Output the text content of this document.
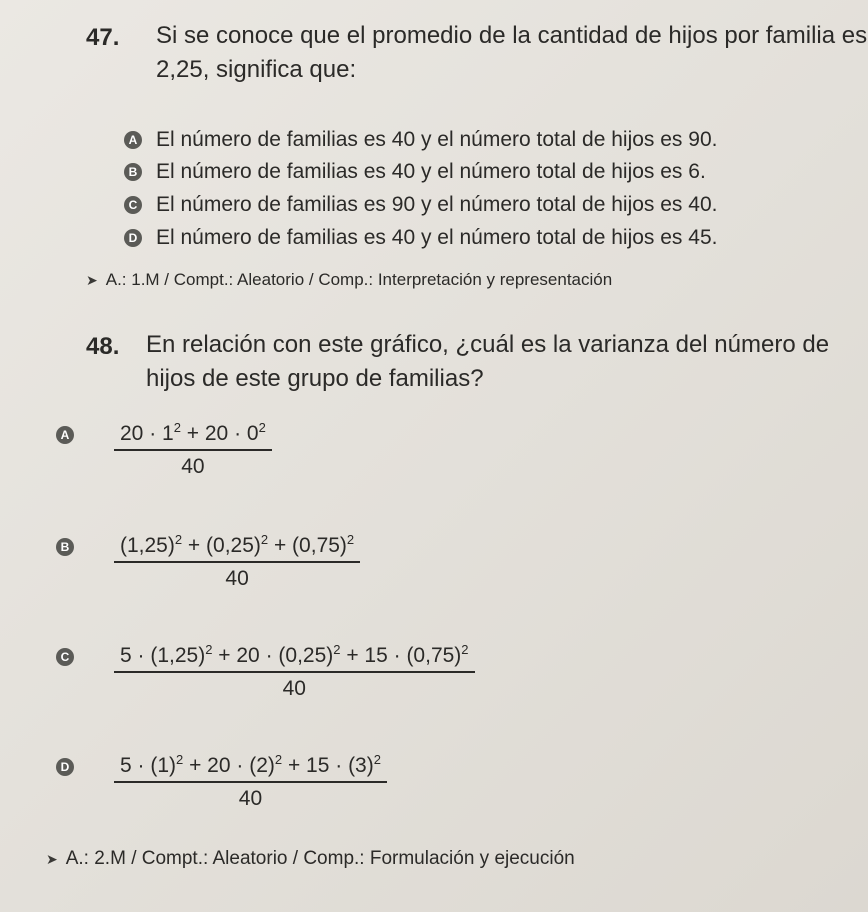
47. Si se conoce que el promedio de la cantidad de hijos por familia es
2,25, significa que:
A El número de familias es 40 y el número total de hijos es 90.
B El número de familias es 40 y el número total de hijos es 6.
C El número de familias es 90 y el número total de hijos es 40.
D El número de familias es 40 y el número total de hijos es 45.
➤ A.: 1.M / Compt.: Aleatorio / Comp.: Interpretación y representación
48. En relación con este gráfico, ¿cuál es la varianza del número de
hijos de este grupo de familias?
A $\frac{20 \cdot 1^2 + 20 \cdot 0^2}{40}$
B $\frac{(1,25)^2 + (0,25)^2 + (0,75)^2}{40}$
C $\frac{5 \cdot (1,25)^2 + 20 \cdot (0,25)^2 + 15 \cdot (0,75)^2}{40}$
D $\frac{5 \cdot (1)^2 + 20 \cdot (2)^2 + 15 \cdot (3)^2}{40}$
➤ A.: 2.M / Compt.: Aleatorio / Comp.: Formulación y ejecución
